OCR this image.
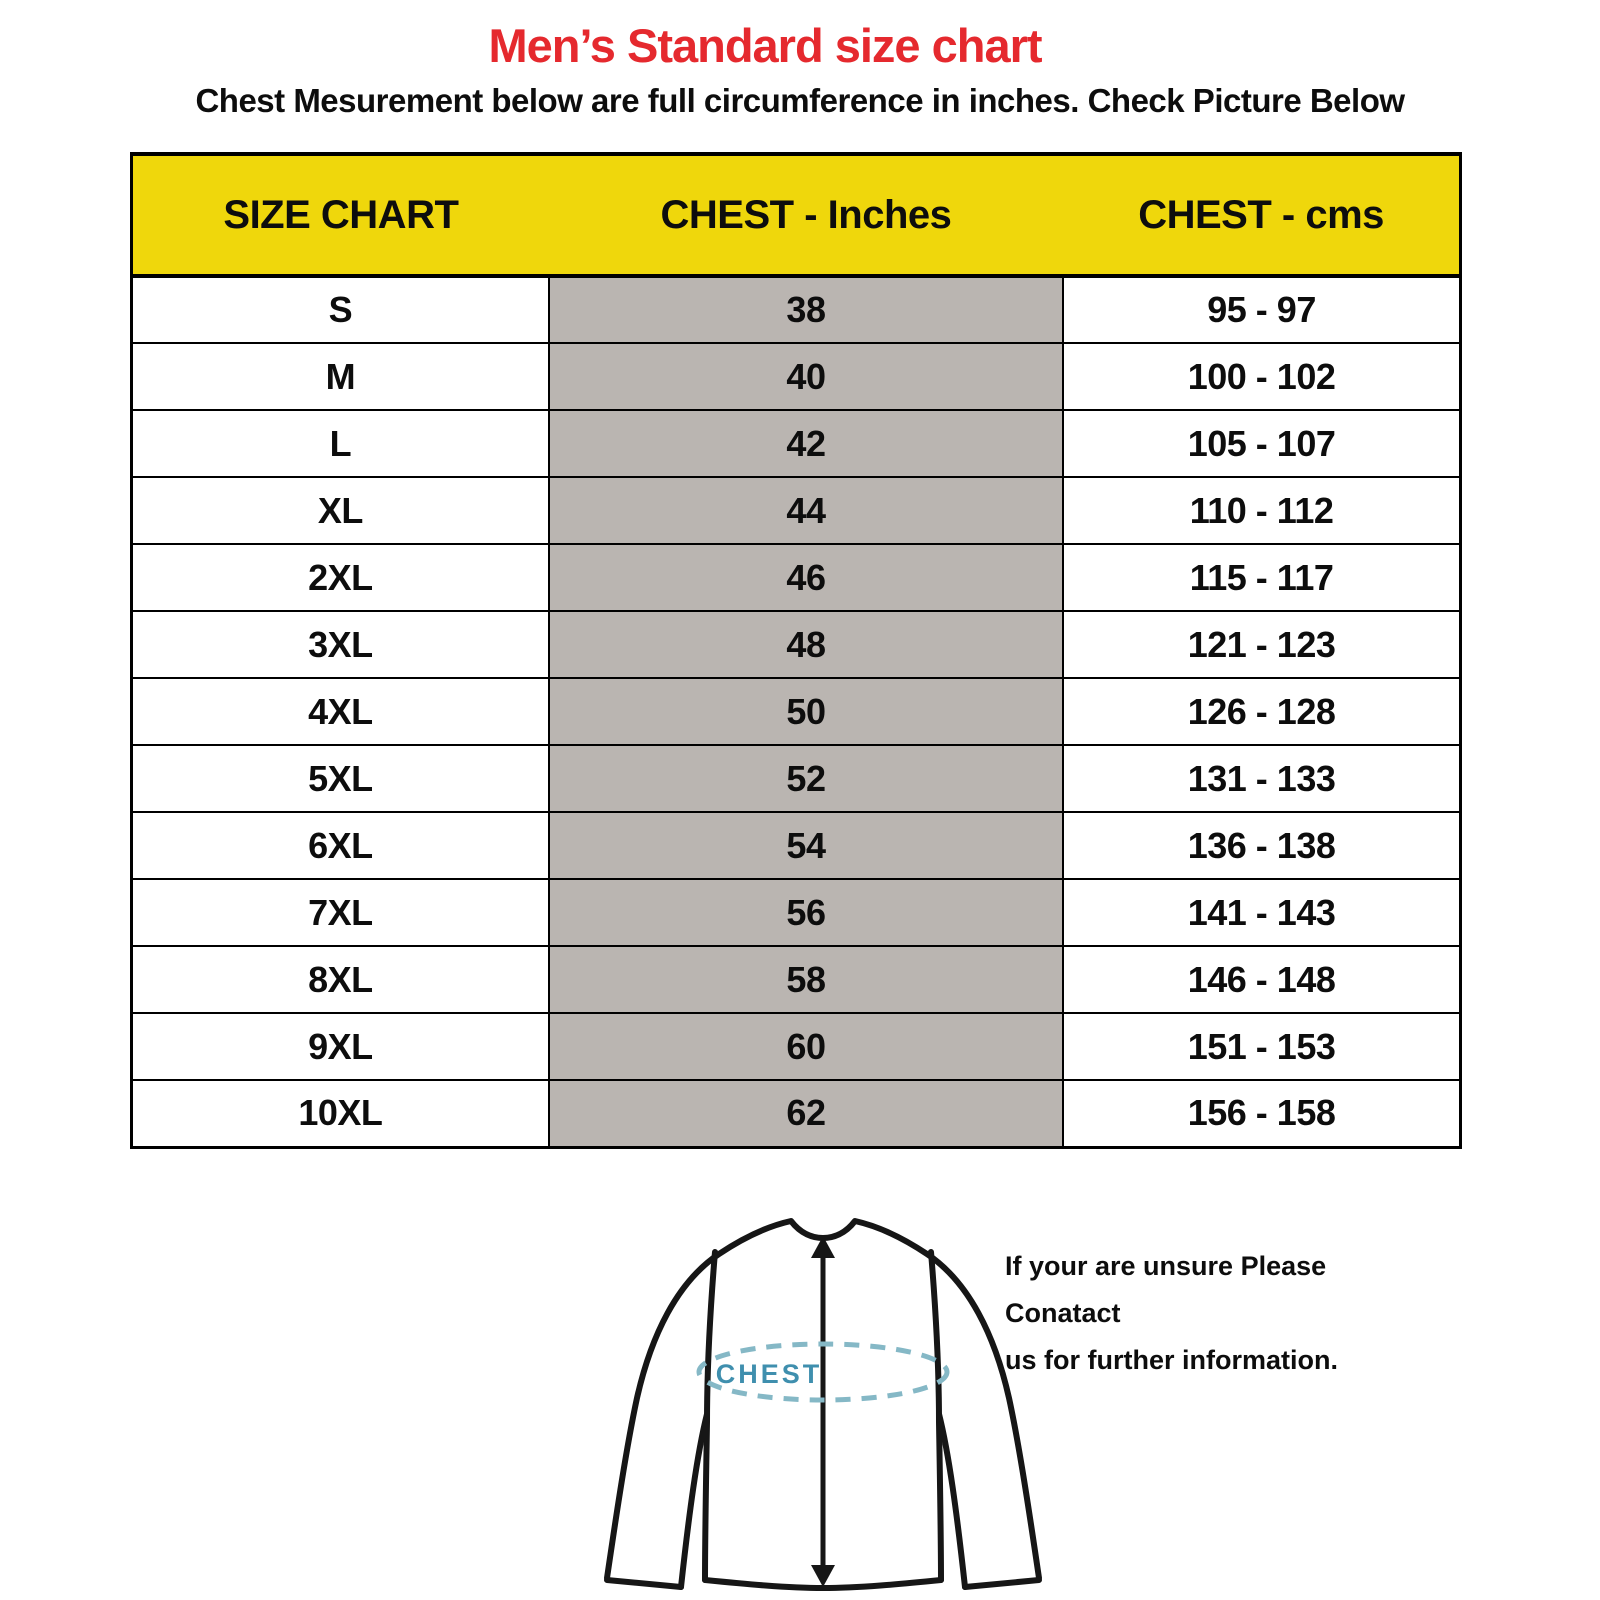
Men’s Standard size chart
Chest Mesurement below are full circumference in inches. Check Picture Below
SIZE CHART	CHEST - Inches	CHEST - cms
S	38	95 - 97
M	40	100 - 102
L	42	105 - 107
XL	44	110 - 112
2XL	46	115 - 117
3XL	48	121 - 123
4XL	50	126 - 128
5XL	52	131 - 133
6XL	54	136 - 138
7XL	56	141 - 143
8XL	58	146 - 148
9XL	60	151 - 153
10XL	62	156 - 158
CHEST
If your are unsure Please Conatact
us for further information.
